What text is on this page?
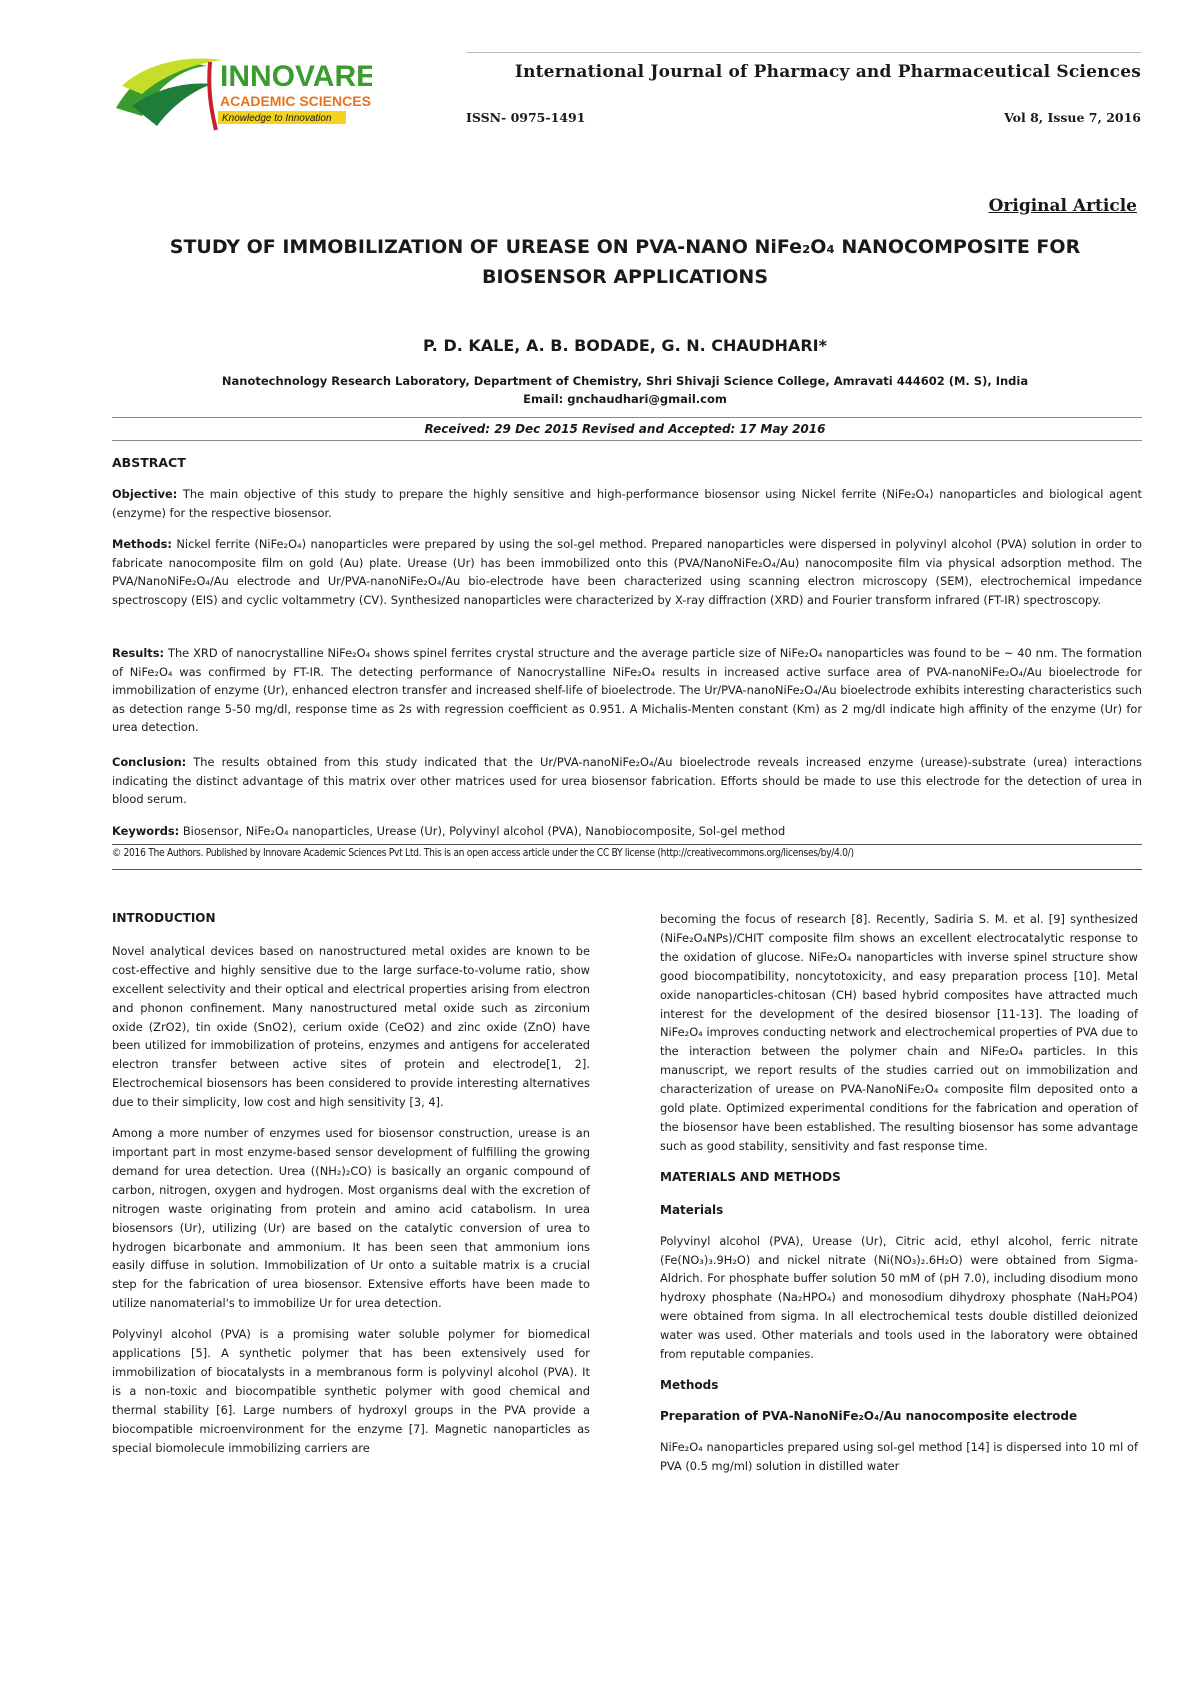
INNOVARE
ACADEMIC SCIENCES
Knowledge to Innovation
International Journal of Pharmacy and Pharmaceutical Sciences
ISSN- 0975-1491	Vol 8, Issue 7, 2016
Original Article
STUDY OF IMMOBILIZATION OF UREASE ON PVA-NANO NiFe₂O₄ NANOCOMPOSITE FOR BIOSENSOR APPLICATIONS
P. D. KALE, A. B. BODADE, G. N. CHAUDHARI*
Nanotechnology Research Laboratory, Department of Chemistry, Shri Shivaji Science College, Amravati 444602 (M. S), India
Email: gnchaudhari@gmail.com
Received: 29 Dec 2015 Revised and Accepted: 17 May 2016
ABSTRACT
Objective: The main objective of this study to prepare the highly sensitive and high-performance biosensor using Nickel ferrite (NiFe₂O₄) nanoparticles and biological agent (enzyme) for the respective biosensor.
Methods: Nickel ferrite (NiFe₂O₄) nanoparticles were prepared by using the sol-gel method. Prepared nanoparticles were dispersed in polyvinyl alcohol (PVA) solution in order to fabricate nanocomposite film on gold (Au) plate. Urease (Ur) has been immobilized onto this (PVA/NanoNiFe₂O₄/Au) nanocomposite film via physical adsorption method. The PVA/NanoNiFe₂O₄/Au electrode and Ur/PVA-nanoNiFe₂O₄/Au bio-electrode have been characterized using scanning electron microscopy (SEM), electrochemical impedance spectroscopy (EIS) and cyclic voltammetry (CV). Synthesized nanoparticles were characterized by X-ray diffraction (XRD) and Fourier transform infrared (FT-IR) spectroscopy.
Results: The XRD of nanocrystalline NiFe₂O₄ shows spinel ferrites crystal structure and the average particle size of NiFe₂O₄ nanoparticles was found to be ~ 40 nm. The formation of NiFe₂O₄ was confirmed by FT-IR. The detecting performance of Nanocrystalline NiFe₂O₄ results in increased active surface area of PVA-nanoNiFe₂O₄/Au bioelectrode for immobilization of enzyme (Ur), enhanced electron transfer and increased shelf-life of bioelectrode. The Ur/PVA-nanoNiFe₂O₄/Au bioelectrode exhibits interesting characteristics such as detection range 5-50 mg/dl, response time as 2s with regression coefficient as 0.951. A Michalis-Menten constant (Km) as 2 mg/dl indicate high affinity of the enzyme (Ur) for urea detection.
Conclusion: The results obtained from this study indicated that the Ur/PVA-nanoNiFe₂O₄/Au bioelectrode reveals increased enzyme (urease)-substrate (urea) interactions indicating the distinct advantage of this matrix over other matrices used for urea biosensor fabrication. Efforts should be made to use this electrode for the detection of urea in blood serum.
Keywords: Biosensor, NiFe₂O₄ nanoparticles, Urease (Ur), Polyvinyl alcohol (PVA), Nanobiocomposite, Sol-gel method
© 2016 The Authors. Published by Innovare Academic Sciences Pvt Ltd. This is an open access article under the CC BY license (http://creativecommons.org/licenses/by/4.0/)
INTRODUCTION

Novel analytical devices based on nanostructured metal oxides are known to be cost-effective and highly sensitive due to the large surface-to-volume ratio, show excellent selectivity and their optical and electrical properties arising from electron and phonon confinement. Many nanostructured metal oxide such as zirconium oxide (ZrO2), tin oxide (SnO2), cerium oxide (CeO2) and zinc oxide (ZnO) have been utilized for immobilization of proteins, enzymes and antigens for accelerated electron transfer between active sites of protein and electrode[1, 2]. Electrochemical biosensors has been considered to provide interesting alternatives due to their simplicity, low cost and high sensitivity [3, 4].

Among a more number of enzymes used for biosensor construction, urease is an important part in most enzyme-based sensor development of fulfilling the growing demand for urea detection. Urea ((NH₂)₂CO) is basically an organic compound of carbon, nitrogen, oxygen and hydrogen. Most organisms deal with the excretion of nitrogen waste originating from protein and amino acid catabolism. In urea biosensors (Ur), utilizing (Ur) are based on the catalytic conversion of urea to hydrogen bicarbonate and ammonium. It has been seen that ammonium ions easily diffuse in solution. Immobilization of Ur onto a suitable matrix is a crucial step for the fabrication of urea biosensor. Extensive efforts have been made to utilize nanomaterial's to immobilize Ur for urea detection.

Polyvinyl alcohol (PVA) is a promising water soluble polymer for biomedical applications [5]. A synthetic polymer that has been extensively used for immobilization of biocatalysts in a membranous form is polyvinyl alcohol (PVA). It is a non-toxic and biocompatible synthetic polymer with good chemical and thermal stability [6]. Large numbers of hydroxyl groups in the PVA provide a biocompatible microenvironment for the enzyme [7]. Magnetic nanoparticles as special biomolecule immobilizing carriers are

becoming the focus of research [8]. Recently, Sadiria S. M. et al. [9] synthesized (NiFe₂O₄NPs)/CHIT composite film shows an excellent electrocatalytic response to the oxidation of glucose. NiFe₂O₄ nanoparticles with inverse spinel structure show good biocompatibility, noncytotoxicity, and easy preparation process [10]. Metal oxide nanoparticles-chitosan (CH) based hybrid composites have attracted much interest for the development of the desired biosensor [11-13]. The loading of NiFe₂O₄ improves conducting network and electrochemical properties of PVA due to the interaction between the polymer chain and NiFe₂O₄ particles. In this manuscript, we report results of the studies carried out on immobilization and characterization of urease on PVA-NanoNiFe₂O₄ composite film deposited onto a gold plate. Optimized experimental conditions for the fabrication and operation of the biosensor have been established. The resulting biosensor has some advantage such as good stability, sensitivity and fast response time.

MATERIALS AND METHODS
Materials

Polyvinyl alcohol (PVA), Urease (Ur), Citric acid, ethyl alcohol, ferric nitrate (Fe(NO₃)₃.9H₂O) and nickel nitrate (Ni(NO₃)₂.6H₂O) were obtained from Sigma-Aldrich. For phosphate buffer solution 50 mM of (pH 7.0), including disodium mono hydroxy phosphate (Na₂HPO₄) and monosodium dihydroxy phosphate (NaH₂PO4) were obtained from sigma. In all electrochemical tests double distilled deionized water was used. Other materials and tools used in the laboratory were obtained from reputable companies.

Methods
Preparation of PVA-NanoNiFe₂O₄/Au nanocomposite electrode

NiFe₂O₄ nanoparticles prepared using sol-gel method [14] is dispersed into 10 ml of PVA (0.5 mg/ml) solution in distilled water
